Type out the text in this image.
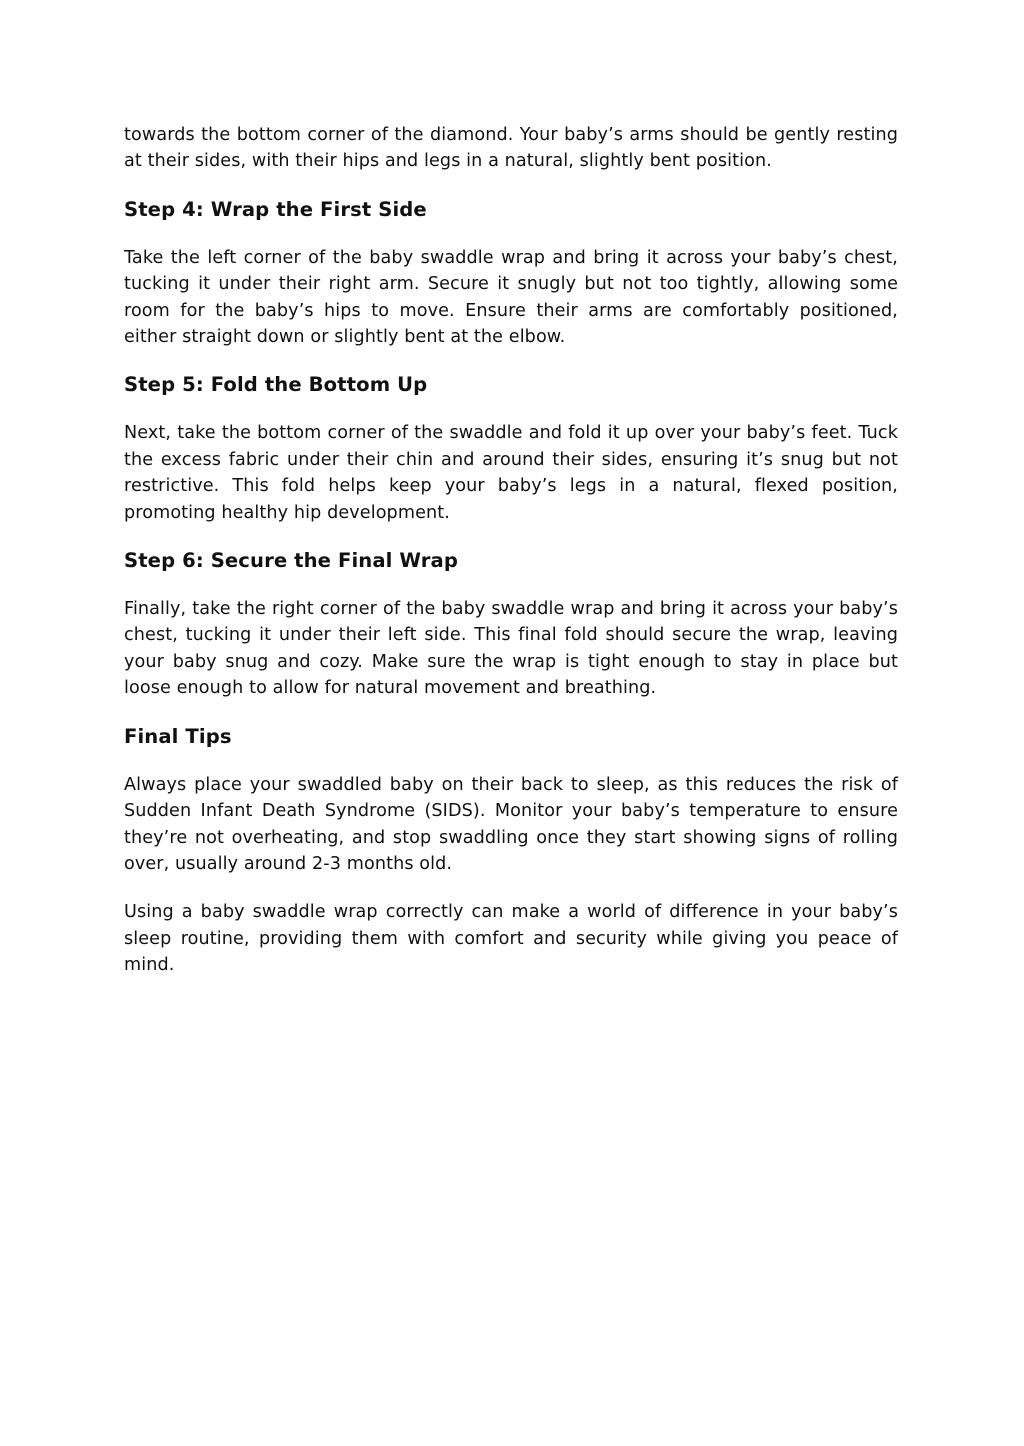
towards the bottom corner of the diamond. Your baby’s arms should be gently resting at their sides, with their hips and legs in a natural, slightly bent position.

Step 4: Wrap the First Side

Take the left corner of the baby swaddle wrap and bring it across your baby’s chest, tucking it under their right arm. Secure it snugly but not too tightly, allowing some room for the baby’s hips to move. Ensure their arms are comfortably positioned, either straight down or slightly bent at the elbow.

Step 5: Fold the Bottom Up

Next, take the bottom corner of the swaddle and fold it up over your baby’s feet. Tuck the excess fabric under their chin and around their sides, ensuring it’s snug but not restrictive. This fold helps keep your baby’s legs in a natural, flexed position, promoting healthy hip development.

Step 6: Secure the Final Wrap

Finally, take the right corner of the baby swaddle wrap and bring it across your baby’s chest, tucking it under their left side. This final fold should secure the wrap, leaving your baby snug and cozy. Make sure the wrap is tight enough to stay in place but loose enough to allow for natural movement and breathing.

Final Tips

Always place your swaddled baby on their back to sleep, as this reduces the risk of Sudden Infant Death Syndrome (SIDS). Monitor your baby’s temperature to ensure they’re not overheating, and stop swaddling once they start showing signs of rolling over, usually around 2-3 months old.

Using a baby swaddle wrap correctly can make a world of difference in your baby’s sleep routine, providing them with comfort and security while giving you peace of mind.
